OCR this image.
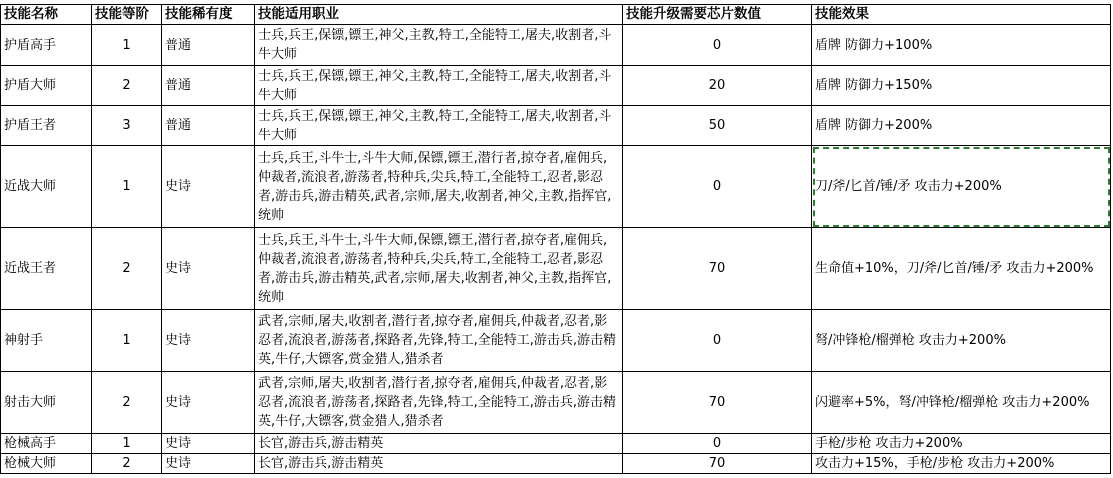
技能名称	技能等阶	技能稀有度	技能适用职业	技能升级需要芯片数值	技能效果
护盾高手	1	普通	士兵,兵王,保镖,镖王,神父,主教,特工,全能特工,屠夫,收割者,斗牛大师	0	盾牌 防御力+100%
护盾大师	2	普通	士兵,兵王,保镖,镖王,神父,主教,特工,全能特工,屠夫,收割者,斗牛大师	20	盾牌 防御力+150%
护盾王者	3	普通	士兵,兵王,保镖,镖王,神父,主教,特工,全能特工,屠夫,收割者,斗牛大师	50	盾牌 防御力+200%
近战大师	1	史诗	士兵,兵王,斗牛士,斗牛大师,保镖,镖王,潜行者,掠夺者,雇佣兵,仲裁者,流浪者,游荡者,特种兵,尖兵,特工,全能特工,忍者,影忍者,游击兵,游击精英,武者,宗师,屠夫,收割者,神父,主教,指挥官,统帅	0	刀/斧/匕首/锤/矛 攻击力+200%
近战王者	2	史诗	士兵,兵王,斗牛士,斗牛大师,保镖,镖王,潜行者,掠夺者,雇佣兵,仲裁者,流浪者,游荡者,特种兵,尖兵,特工,全能特工,忍者,影忍者,游击兵,游击精英,武者,宗师,屠夫,收割者,神父,主教,指挥官,统帅	70	生命值+10%，刀/斧/匕首/锤/矛 攻击力+200%
神射手	1	史诗	武者,宗师,屠夫,收割者,潜行者,掠夺者,雇佣兵,仲裁者,忍者,影忍者,流浪者,游荡者,探路者,先锋,特工,全能特工,游击兵,游击精英,牛仔,大镖客,赏金猎人,猎杀者	0	弩/冲锋枪/榴弹枪 攻击力+200%
射击大师	2	史诗	武者,宗师,屠夫,收割者,潜行者,掠夺者,雇佣兵,仲裁者,忍者,影忍者,流浪者,游荡者,探路者,先锋,特工,全能特工,游击兵,游击精英,牛仔,大镖客,赏金猎人,猎杀者	70	闪避率+5%，弩/冲锋枪/榴弹枪 攻击力+200%
枪械高手	1	史诗	长官,游击兵,游击精英	0	手枪/步枪 攻击力+200%
枪械大师	2	史诗	长官,游击兵,游击精英	70	攻击力+15%，手枪/步枪 攻击力+200%
